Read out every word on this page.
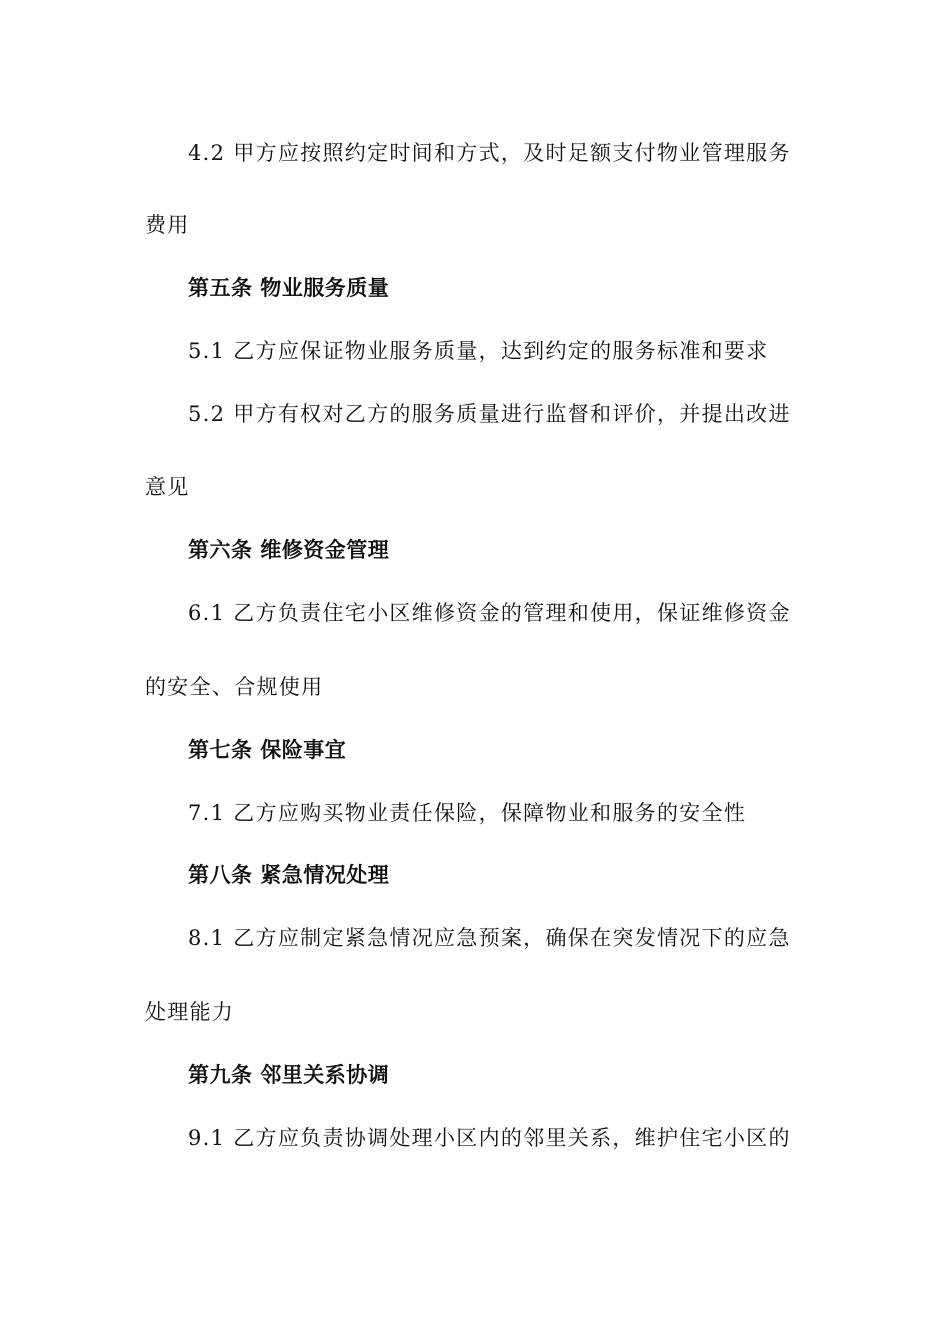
4.2 甲方应按照约定时间和方式，及时足额支付物业管理服务
费用
第五条 物业服务质量
5.1 乙方应保证物业服务质量，达到约定的服务标准和要求
5.2 甲方有权对乙方的服务质量进行监督和评价，并提出改进
意见
第六条 维修资金管理
6.1 乙方负责住宅小区维修资金的管理和使用，保证维修资金
的安全、合规使用
第七条 保险事宜
7.1 乙方应购买物业责任保险，保障物业和服务的安全性
第八条 紧急情况处理
8.1 乙方应制定紧急情况应急预案，确保在突发情况下的应急
处理能力
第九条 邻里关系协调
9.1 乙方应负责协调处理小区内的邻里关系，维护住宅小区的
